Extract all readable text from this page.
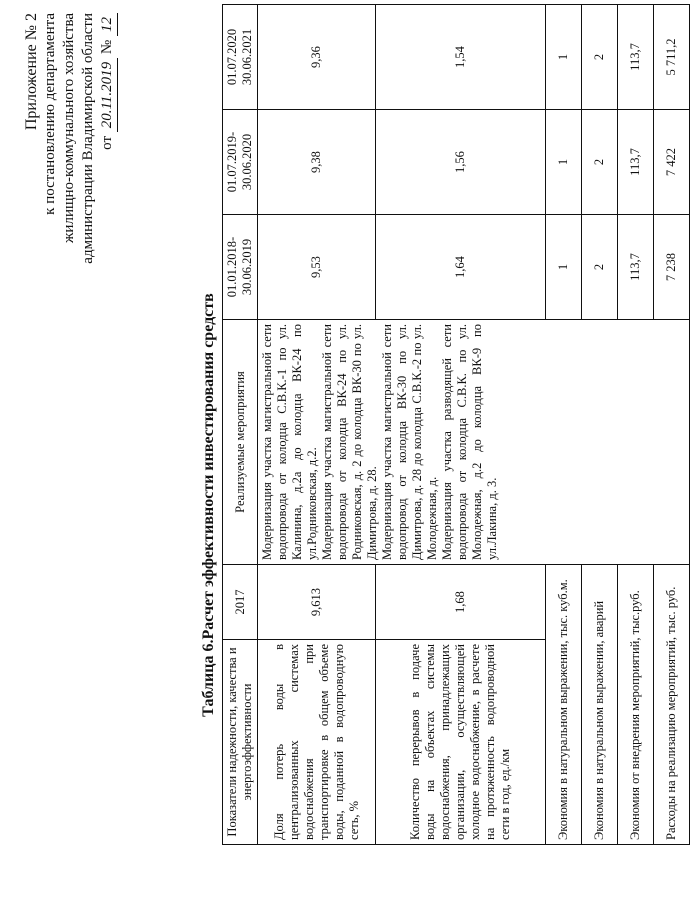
Приложение № 2 к постановлению департамента жилищно-коммунального хозяйства администрации Владимирской области от 20.11.2019 № 12
Таблица 6.Расчет эффективности инвестирования средств
Показатели надежности, качества и энергоэффективности	2017	Реализуемые мероприятия	01.01.2018-30.06.2019	01.07.2019-30.06.2020	01.07.2020 30.06.2021
Доля потерь воды в централизованных системах водоснабжения при транспортировке в общем объеме воды, поданной в водопроводную сеть, %	9,613	Модернизация участка магистральной сети водопровода от колодца С.В.К.-1 по ул. Калинина, д.2а до колодца ВК-24 по ул.Родниковская, д.2. Модернизация участка магистральной сети водопровода от колодца ВК-24 по ул. Родниковская, д. 2 до колодца ВК-30 по ул. Димитрова, д. 28. Модернизация участка магистральной сети водопровод от колодца ВК-30 по ул. Димитрова, д. 28 до колодца С.В.К.-2 по ул. Молодежная, д. Модернизация участка разводящей сети водопровода от колодца С.В.К. по ул. Молодежная, д.2 до колодца ВК-9 по ул.Лакина, д. 3.	9,53	9,38	9,36
Количество перерывов в подаче воды на объектах системы водоснабжения, принадлежащих организации, осуществляющей холодное водоснабжение, в расчете на протяженность водопроводной сети в год, ед./км	1,68		1,64	1,56	1,54
Экономия в натуральном выражении, тыс. куб.м.			1	1	1
Экономия в натуральном выражении, аварий			2	2	2
Экономия от внедрения мероприятий, тыс.руб.			113,7	113,7	113,7
Расходы на реализацию мероприятий, тыс. руб.			7 238	7 422	5 711,2
